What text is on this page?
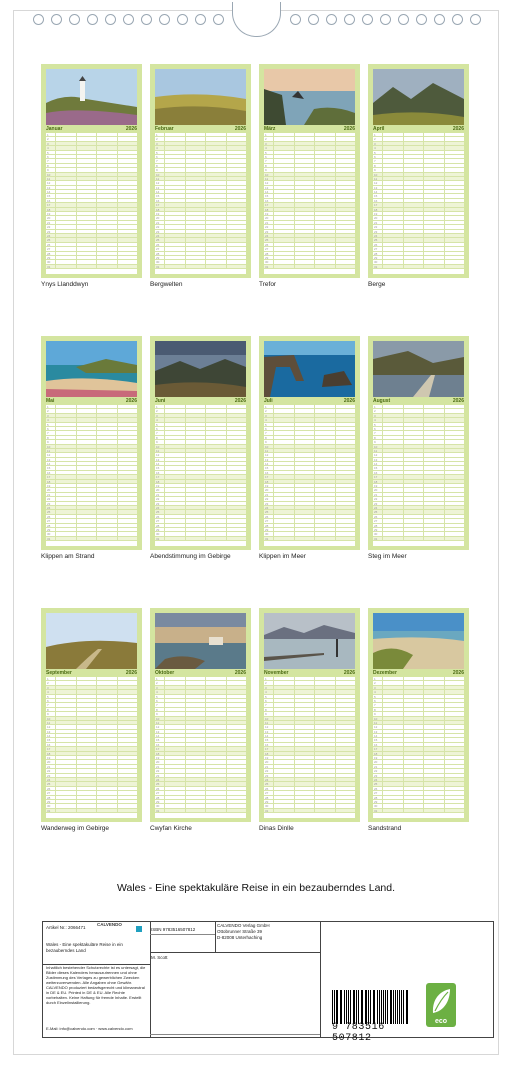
Januar	2026
1
2
3
4
5
6
7
8
9
10
11
12
13
14
15
16
17
18
19
20
21
22
23
24
25
26
27
28
29
30
31
Ynys Llanddwyn
Februar	2026
1
2
3
4
5
6
7
8
9
10
11
12
13
14
15
16
17
18
19
20
21
22
23
24
25
26
27
28
29
30
31
Bergwelten
März	2026
1
2
3
4
5
6
7
8
9
10
11
12
13
14
15
16
17
18
19
20
21
22
23
24
25
26
27
28
29
30
31
Trefor
April	2026
1
2
3
4
5
6
7
8
9
10
11
12
13
14
15
16
17
18
19
20
21
22
23
24
25
26
27
28
29
30
31
Berge
Mai	2026
1
2
3
4
5
6
7
8
9
10
11
12
13
14
15
16
17
18
19
20
21
22
23
24
25
26
27
28
29
30
31
Klippen am Strand
Juni	2026
1
2
3
4
5
6
7
8
9
10
11
12
13
14
15
16
17
18
19
20
21
22
23
24
25
26
27
28
29
30
31
Abendstimmung im Gebirge
Juli	2026
1
2
3
4
5
6
7
8
9
10
11
12
13
14
15
16
17
18
19
20
21
22
23
24
25
26
27
28
29
30
31
Klippen im Meer
August	2026
1
2
3
4
5
6
7
8
9
10
11
12
13
14
15
16
17
18
19
20
21
22
23
24
25
26
27
28
29
30
31
Steg im Meer
September	2026
1
2
3
4
5
6
7
8
9
10
11
12
13
14
15
16
17
18
19
20
21
22
23
24
25
26
27
28
29
30
31
Wanderweg im Gebirge
Oktober	2026
1
2
3
4
5
6
7
8
9
10
11
12
13
14
15
16
17
18
19
20
21
22
23
24
25
26
27
28
29
30
31
Cwyfan Kirche
November	2026
1
2
3
4
5
6
7
8
9
10
11
12
13
14
15
16
17
18
19
20
21
22
23
24
25
26
27
28
29
30
31
Dinas Dinlle
Dezember	2026
1
2
3
4
5
6
7
8
9
10
11
12
13
14
15
16
17
18
19
20
21
22
23
24
25
26
27
28
29
30
31
Sandstrand
Wales - Eine spektakuläre Reise in ein bezauberndes Land.
Artikel Nr.: 2066471
CALVENDO
Wales - Eine spektakuläre Reise in ein bezauberndes Land
Inhaltlich bestehender Schutzrechte ist es untersagt, die Bilder dieses Kalenders herauszutrennen und ohne Zustimmung des Verlages zu gewerblichen Zwecken weiterzuverwenden. Alle Angaben ohne Gewähr. CALVENDO produziert bedarfsgerecht und klimaneutral in DE & EU. Printed in DE & EU. Alle Rechte vorbehalten. Keine Haftung für fremde Inhalte. Erstellt durch Einzelinstallierung.
E-Mail: info@calvendo.com · www.calvendo.com
ISBN 9783516507812
CALVENDO Verlag GmbH
Ottobrunner Straße 39
D-82008 Unterhaching
M. Scott
9 783516 507812
eco
